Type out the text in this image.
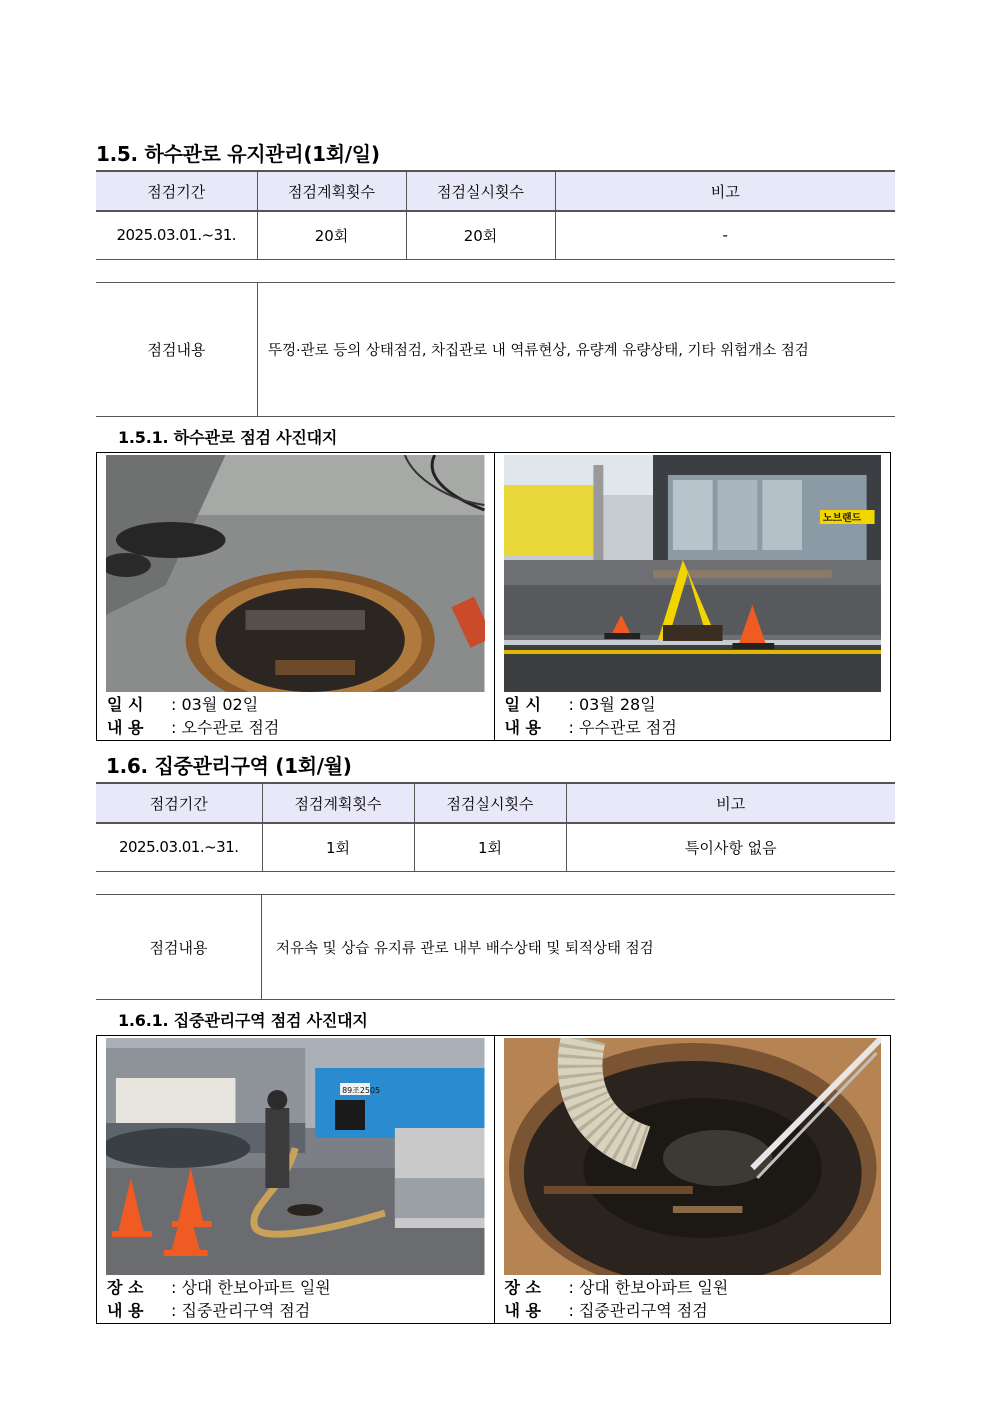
1.5. 하수관로 유지관리(1회/일)
점검기간	점검계획횟수	점검실시횟수	비고
2025.03.01.~31.	20회	20회	-
점검내용	뚜껑·관로 등의 상태점검, 차집관로 내 역류현상, 유량계 유량상태, 기타 위험개소 점검
1.5.1. 하수관로 점검 사진대지
일 시 : 03월 02일
내 용 : 오수관로 점검
노브랜드
일 시 : 03월 28일
내 용 : 우수관로 점검
1.6. 집중관리구역 (1회/월)
점검기간	점검계획횟수	점검실시횟수	비고
2025.03.01.~31.	1회	1회	특이사항 없음
점검내용	저유속 및 상습 유지류 관로 내부 배수상태 및 퇴적상태 점검
1.6.1. 집중관리구역 점검 사진대지
89조2505
장 소 : 상대 한보아파트 일원
내 용 : 집중관리구역 점검
장 소 : 상대 한보아파트 일원
내 용 : 집중관리구역 점검
